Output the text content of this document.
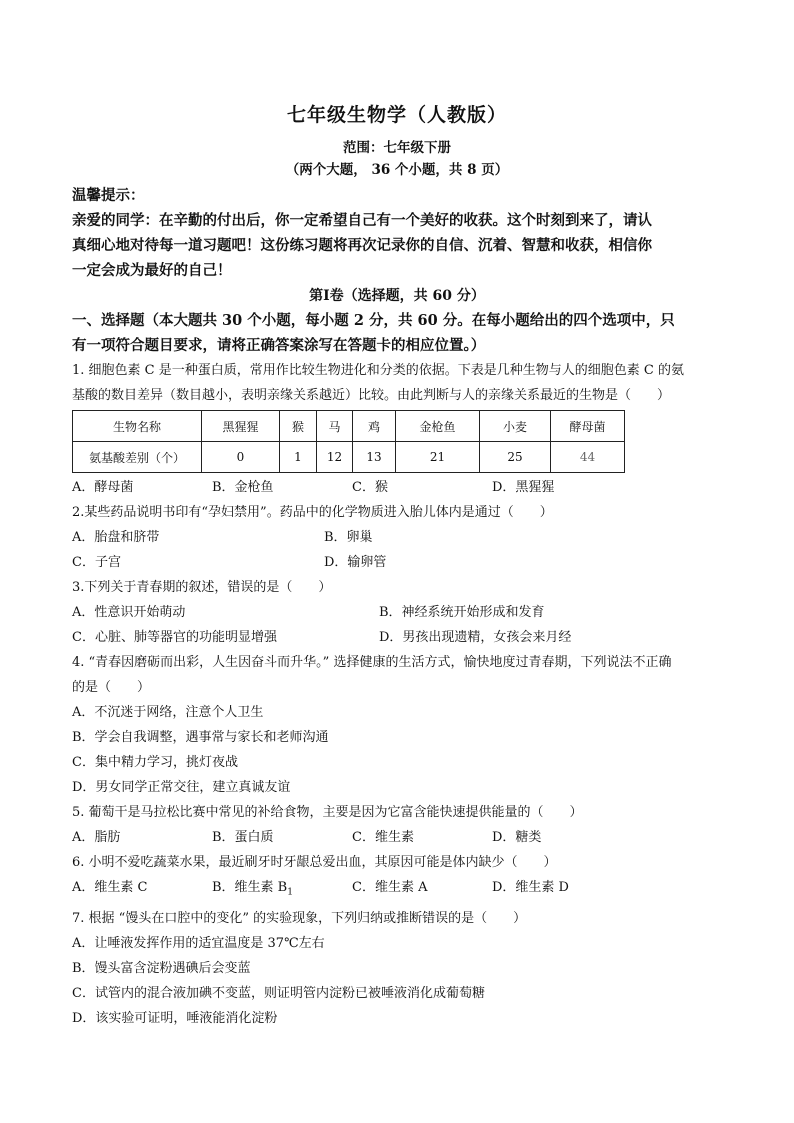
七年级生物学（人教版）
范围：七年级下册
（两个大题， 36 个小题，共 8 页）
温馨提示：
亲爱的同学：在辛勤的付出后，你一定希望自己有一个美好的收获。这个时刻到来了，请认
真细心地对待每一道习题吧！这份练习题将再次记录你的自信、沉着、智慧和收获，相信你
一定会成为最好的自己！
第Ⅰ卷（选择题，共 60 分）
一、选择题（本大题共 30 个小题，每小题 2 分，共 60 分。在每小题给出的四个选项中，只
有一项符合题目要求，请将正确答案涂写在答题卡的相应位置。）
1. 细胞色素 C 是一种蛋白质，常用作比较生物进化和分类的依据。下表是几种生物与人的细胞色素 C 的氨
基酸的数目差异（数目越小，表明亲缘关系越近）比较。由此判断与人的亲缘关系最近的生物是（　　）
生物名称	黑猩猩	猴	马	鸡	金枪鱼	小麦	酵母菌
氨基酸差别（个）	0	1	12	13	21	25	44
A．酵母菌	B．金枪鱼	C．猴	D．黑猩猩
2.某些药品说明书印有“孕妇禁用”。药品中的化学物质进入胎儿体内是通过（　　）
A．胎盘和脐带	B．卵巢
C．子宫	D．输卵管
3.下列关于青春期的叙述，错误的是（　　）
A．性意识开始萌动	B．神经系统开始形成和发育
C．心脏、肺等器官的功能明显增强	D．男孩出现遗精，女孩会来月经
4. “青春因磨砺而出彩，人生因奋斗而升华。” 选择健康的生活方式，愉快地度过青春期，下列说法不正确
的是（　　）
A．不沉迷于网络，注意个人卫生
B．学会自我调整，遇事常与家长和老师沟通
C．集中精力学习，挑灯夜战
D．男女同学正常交往，建立真诚友谊
5. 葡萄干是马拉松比赛中常见的补给食物，主要是因为它富含能快速提供能量的（　　）
A．脂肪	B．蛋白质	C．维生素	D．糖类
6. 小明不爱吃蔬菜水果，最近刷牙时牙龈总爱出血，其原因可能是体内缺少（　　）
A．维生素 C	B．维生素 $B_1$	C．维生素 A	D．维生素 D
7. 根据 “馒头在口腔中的变化” 的实验现象，下列归纳或推断错误的是（　　）
A．让唾液发挥作用的适宜温度是 37℃左右
B．馒头富含淀粉遇碘后会变蓝
C．试管内的混合液加碘不变蓝，则证明管内淀粉已被唾液消化成葡萄糖
D．该实验可证明，唾液能消化淀粉
